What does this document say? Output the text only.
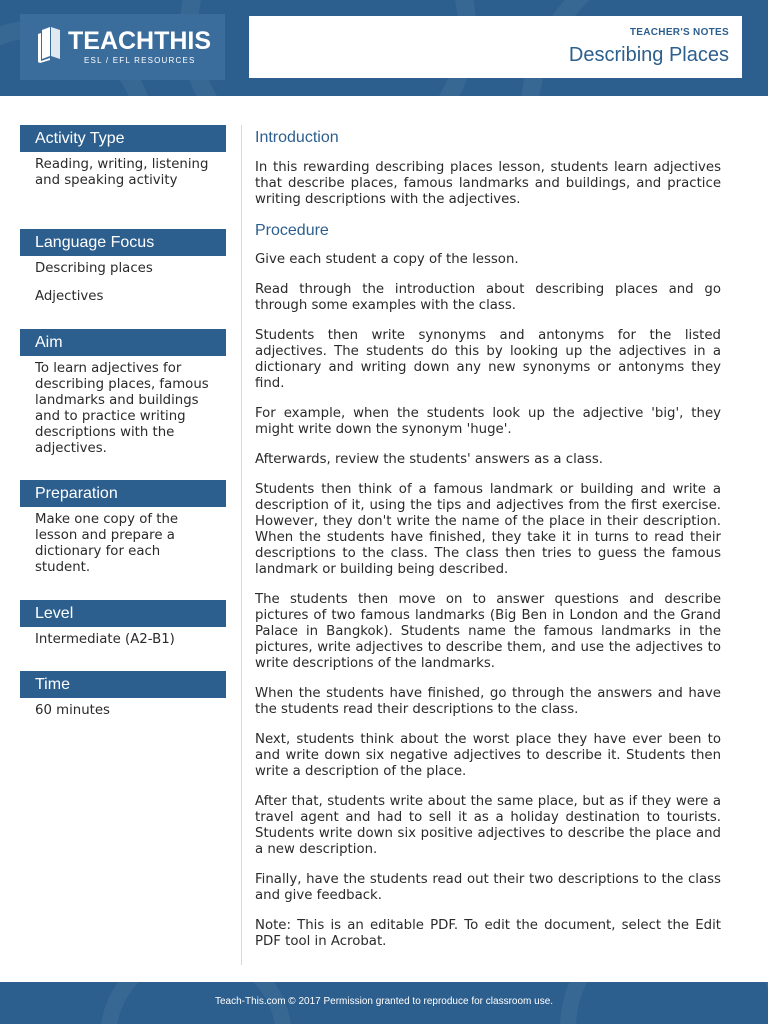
TEACHTHIS
ESL / EFL RESOURCES
TEACHER'S NOTES
Describing Places
Activity Type

Reading, writing, listening and speaking activity

Language Focus

Describing places

Adjectives

Aim

To learn adjectives for describing places, famous landmarks and buildings and to practice writing descriptions with the adjectives.

Preparation

Make one copy of the lesson and prepare a dictionary for each student.

Level

Intermediate (A2-B1)

Time

60 minutes

Introduction

In this rewarding describing places lesson, students learn adjectives that describe places, famous landmarks and buildings, and practice writing descriptions with the adjectives.

Procedure

Give each student a copy of the lesson.

Read through the introduction about describing places and go through some examples with the class.

Students then write synonyms and antonyms for the listed adjectives. The students do this by looking up the adjectives in a dictionary and writing down any new synonyms or antonyms they find.

For example, when the students look up the adjective 'big', they might write down the synonym 'huge'.

Afterwards, review the students' answers as a class.

Students then think of a famous landmark or building and write a description of it, using the tips and adjectives from the first exercise. However, they don't write the name of the place in their description. When the students have finished, they take it in turns to read their descriptions to the class. The class then tries to guess the famous landmark or building being described.

The students then move on to answer questions and describe pictures of two famous landmarks (Big Ben in London and the Grand Palace in Bangkok). Students name the famous landmarks in the pictures, write adjectives to describe them, and use the adjectives to write descriptions of the landmarks.

When the students have finished, go through the answers and have the students read their descriptions to the class.

Next, students think about the worst place they have ever been to and write down six negative adjectives to describe it. Students then write a description of the place.

After that, students write about the same place, but as if they were a travel agent and had to sell it as a holiday destination to tourists. Students write down six positive adjectives to describe the place and a new description.

Finally, have the students read out their two descriptions to the class and give feedback.

Note: This is an editable PDF. To edit the document, select the Edit PDF tool in Acrobat.

Teach-This.com © 2017 Permission granted to reproduce for classroom use.
